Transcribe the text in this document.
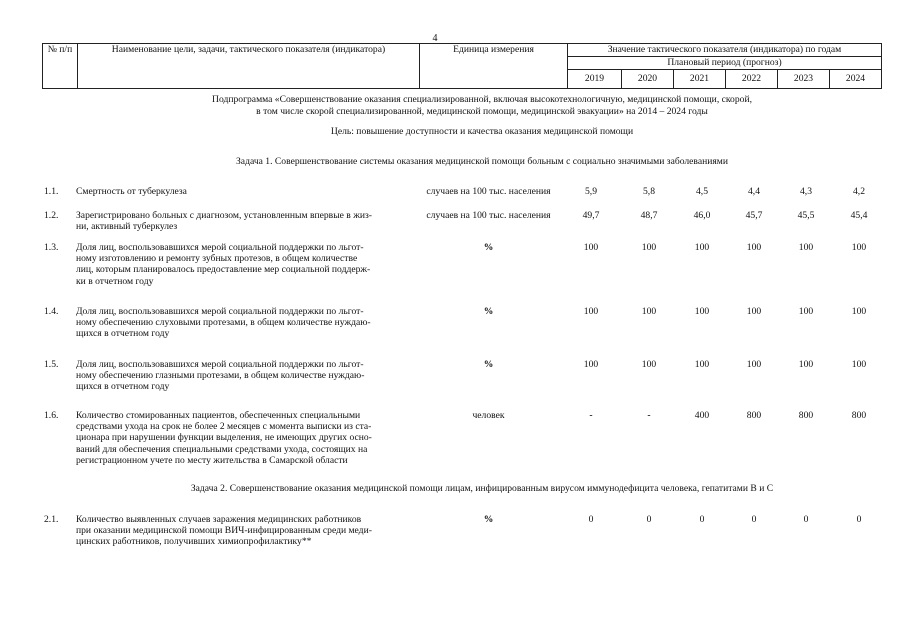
4
№ п/п	Наименование цели, задачи, тактического показателя (индикатора)	Единица измерения	Значение тактического показателя (индикатора) по годам					
			Плановый период (прогноз)					
			2019	2020	2021	2022	2023	2024
Подпрограмма «Совершенствование оказания специализированной, включая высокотехнологичную, медицинской помощи, скорой,
в том числе скорой специализированной, медицинской помощи, медицинской эвакуации» на 2014 – 2024 годы
Цель: повышение доступности и качества оказания медицинской помощи
Задача 1. Совершенствование системы оказания медицинской помощи больным с социально значимыми заболеваниями
1.1.	Смертность от туберкулеза	случаев на 100 тыс. населения	5,9	5,8	4,5	4,4	4,3	4,2
1.2.	Зарегистрировано больных с диагнозом, установленным впервые в жиз-
ни, активный туберкулез
случаев на 100 тыс. населения	49,7	48,7	46,0	45,7	45,5	45,4
1.3.	Доля лиц, воспользовавшихся мерой социальной поддержки по льгот-
ному изготовлению и ремонту зубных протезов, в общем количестве
лиц, которым планировалось предоставление мер социальной поддерж-
ки в отчетном году
%	100	100	100	100	100	100
1.4.	Доля лиц, воспользовавшихся мерой социальной поддержки по льгот-
ному обеспечению слуховыми протезами, в общем количестве нуждаю-
щихся в отчетном году
%	100	100	100	100	100	100
1.5.	Доля лиц, воспользовавшихся мерой социальной поддержки по льгот-
ному обеспечению глазными протезами, в общем количестве нуждаю-
щихся в отчетном году
%	100	100	100	100	100	100
1.6.	Количество стомированных пациентов, обеспеченных специальными
средствами ухода на срок не более 2 месяцев с момента выписки из ста-
ционара при нарушении функции выделения, не имеющих других осно-
ваний для обеспечения специальными средствами ухода, состоящих на
регистрационном учете по месту жительства в Самарской области
человек	-	-	400	800	800	800
Задача 2. Совершенствование оказания медицинской помощи лицам, инфицированным вирусом иммунодефицита человека, гепатитами В и С
2.1.	Количество выявленных случаев заражения медицинских работников
при оказании медицинской помощи ВИЧ-инфицированным среди меди-
цинских работников, получивших химиопрофилактику**
%	0	0	0	0	0	0
